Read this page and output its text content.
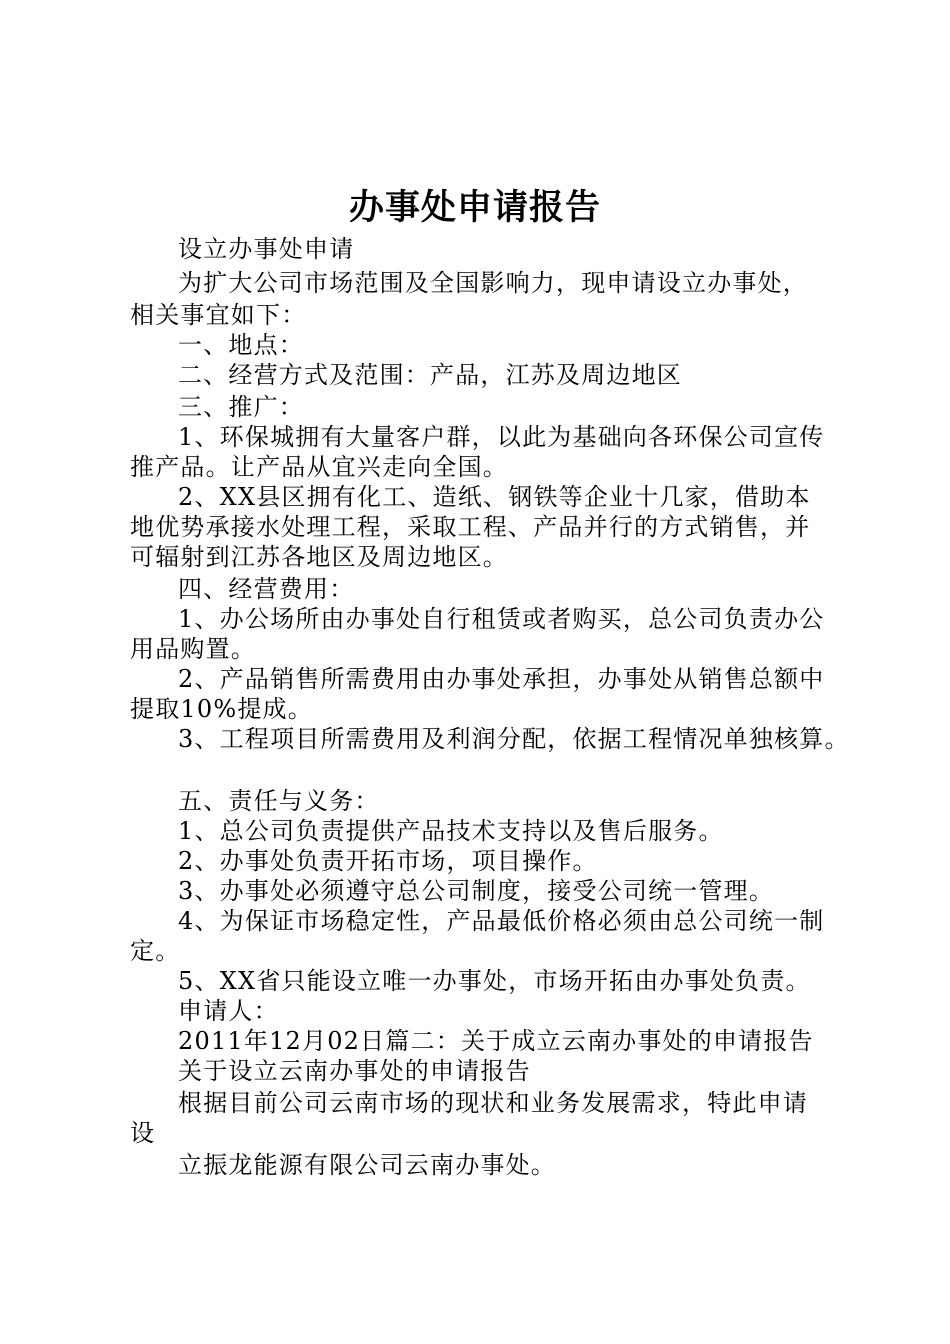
办事处申请报告
设立办事处申请
为扩大公司市场范围及全国影响力，现申请设立办事处，
相关事宜如下：
一、地点：
二、经营方式及范围：产品，江苏及周边地区
三、推广：
1、环保城拥有大量客户群，以此为基础向各环保公司宣传
推产品。让产品从宜兴走向全国。
2、XX县区拥有化工、造纸、钢铁等企业十几家，借助本
地优势承接水处理工程，采取工程、产品并行的方式销售，并
可辐射到江苏各地区及周边地区。
四、经营费用：
1、办公场所由办事处自行租赁或者购买，总公司负责办公
用品购置。
2、产品销售所需费用由办事处承担，办事处从销售总额中
提取10%提成。
3、工程项目所需费用及利润分配，依据工程情况单独核算。
五、责任与义务：
1、总公司负责提供产品技术支持以及售后服务。
2、办事处负责开拓市场，项目操作。
3、办事处必须遵守总公司制度，接受公司统一管理。
4、为保证市场稳定性，产品最低价格必须由总公司统一制
定。
5、XX省只能设立唯一办事处，市场开拓由办事处负责。
申请人：
2011年12月02日篇二：关于成立云南办事处的申请报告
关于设立云南办事处的申请报告
根据目前公司云南市场的现状和业务发展需求，特此申请
设
立振龙能源有限公司云南办事处。
